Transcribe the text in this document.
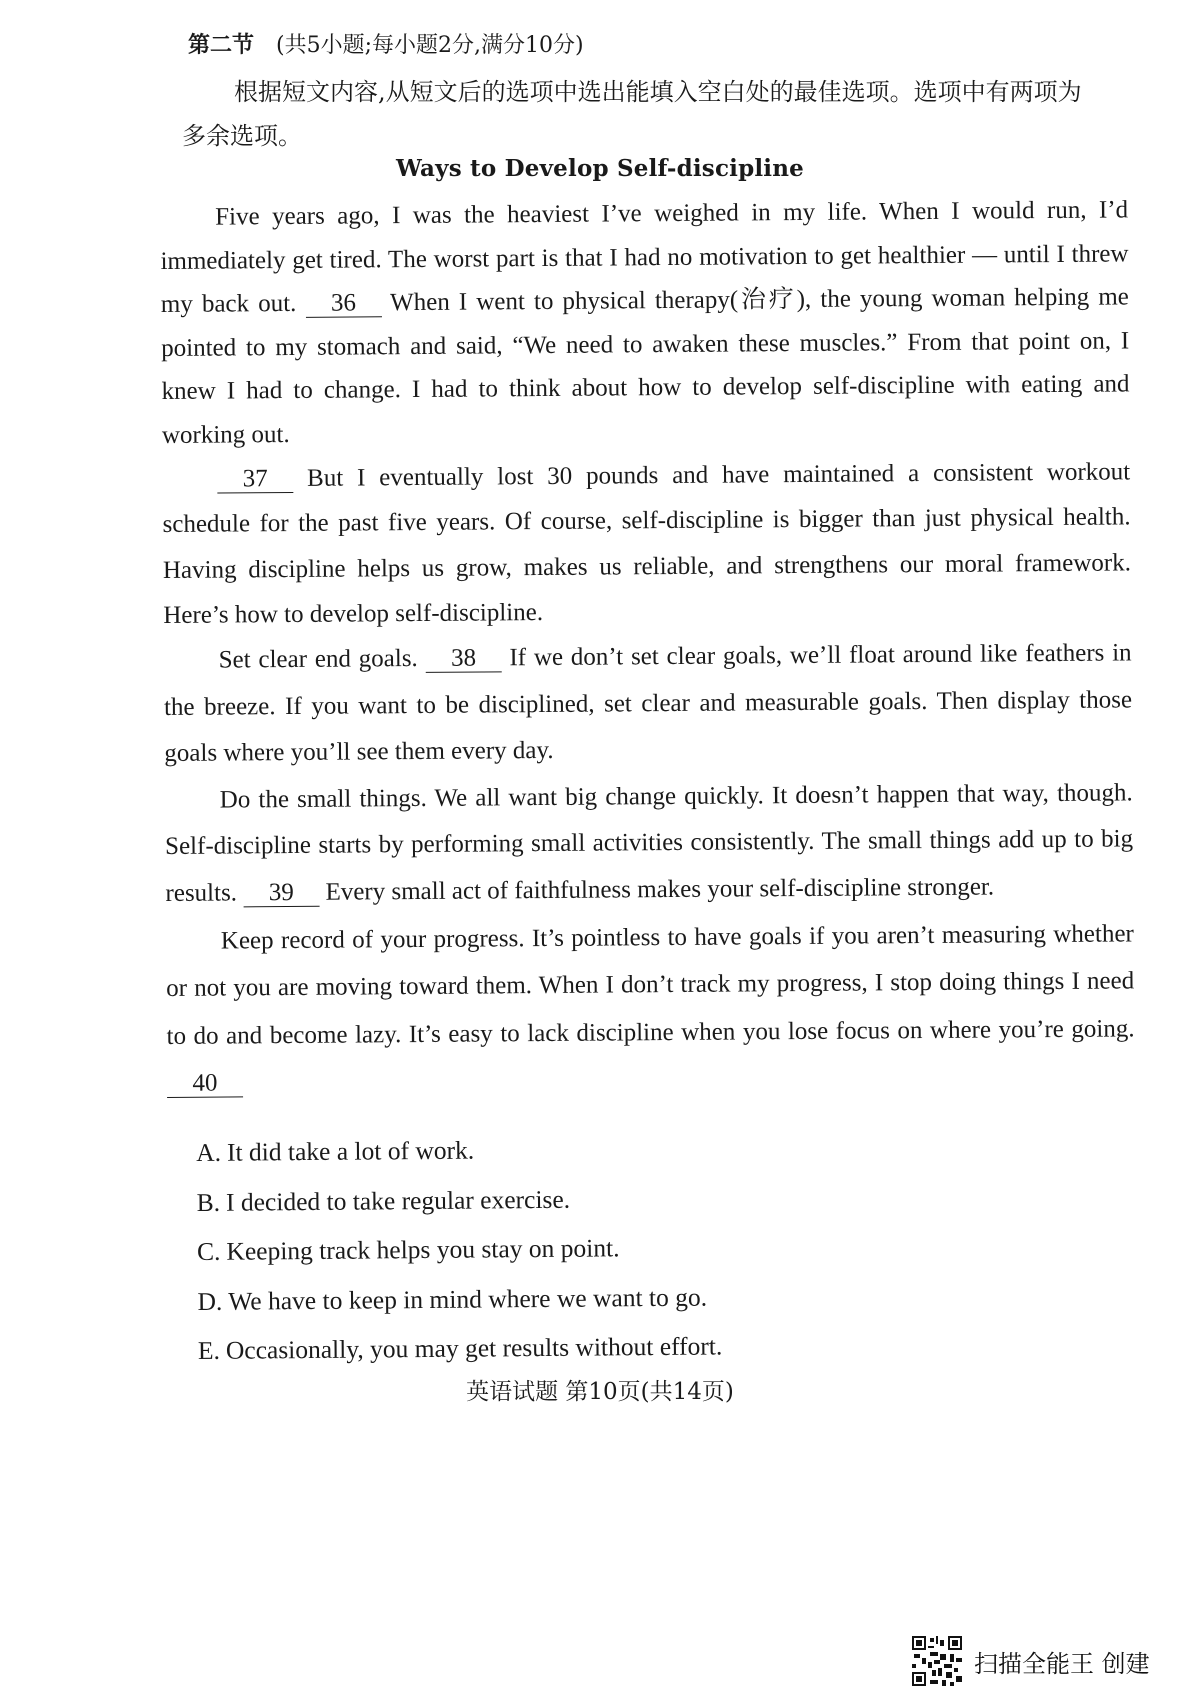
第二节 (共5小题;每小题2分,满分10分)
根据短文内容,从短文后的选项中选出能填入空白处的最佳选项。选项中有两项为多余选项。
Ways to Develop Self-discipline

Five years ago, I was the heaviest I’ve weighed in my life. When I would run, I’d immediately get tired. The worst part is that I had no motivation to get healthier — until I threw my back out. 36 When I went to physical therapy(治疗), the young woman helping me pointed to my stomach and said, “We need to awaken these muscles.” From that point on, I knew I had to change. I had to think about how to develop self-discipline with eating and working out.

37 But I eventually lost 30 pounds and have maintained a consistent workout schedule for the past five years. Of course, self-discipline is bigger than just physical health. Having discipline helps us grow, makes us reliable, and strengthens our moral framework. Here’s how to develop self-discipline.

Set clear end goals. 38 If we don’t set clear goals, we’ll float around like feathers in the breeze. If you want to be disciplined, set clear and measurable goals. Then display those goals where you’ll see them every day.

Do the small things. We all want big change quickly. It doesn’t happen that way, though. Self-discipline starts by performing small activities consistently. The small things add up to big results. 39 Every small act of faithfulness makes your self-discipline stronger.

Keep record of your progress. It’s pointless to have goals if you aren’t measuring whether or not you are moving toward them. When I don’t track my progress, I stop doing things I need to do and become lazy. It’s easy to lack discipline when you lose focus on where you’re going. 40

A. It did take a lot of work.
B. I decided to take regular exercise.
C. Keeping track helps you stay on point.
D. We have to keep in mind where we want to go.
E. Occasionally, you may get results without effort.
英语试题 第10页(共14页)
扫描全能王 创建
